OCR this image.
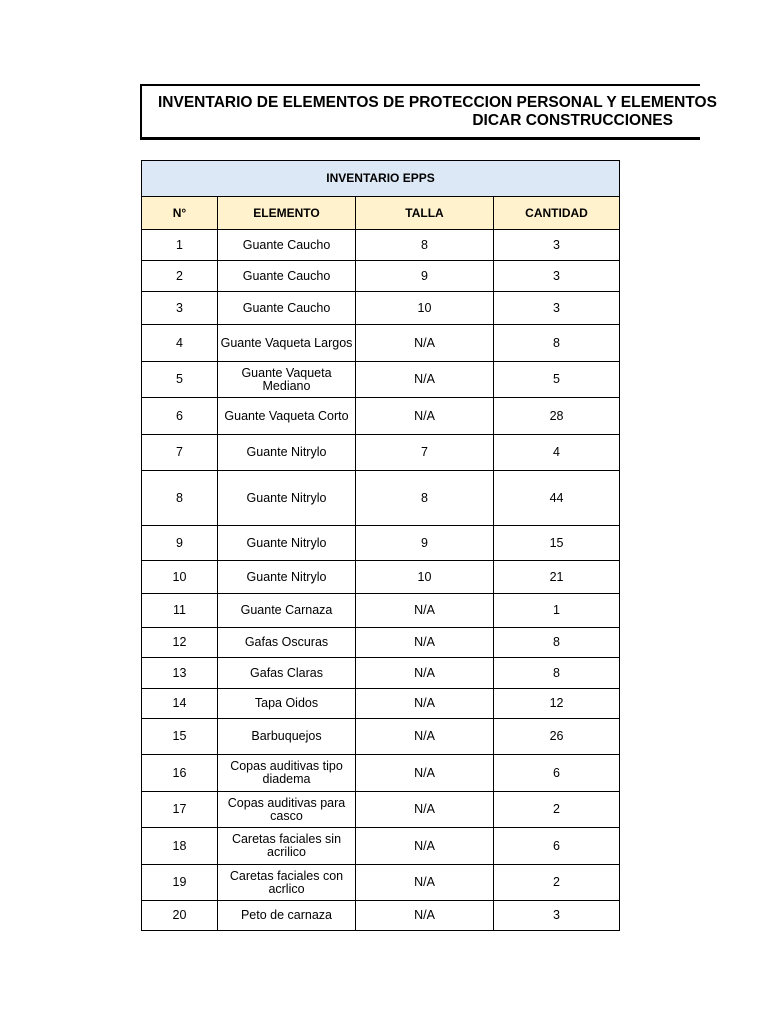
INVENTARIO DE ELEMENTOS DE PROTECCION PERSONAL Y ELEMENTOS
DICAR CONSTRUCCIONES
INVENTARIO EPPS			
N°	ELEMENTO	TALLA	CANTIDAD
1	Guante Caucho	8	3
2	Guante Caucho	9	3
3	Guante Caucho	10	3
4	Guante Vaqueta Largos	N/A	8
5	Guante Vaqueta Mediano	N/A	5
6	Guante Vaqueta Corto	N/A	28
7	Guante Nitrylo	7	4
8	Guante Nitrylo	8	44
9	Guante Nitrylo	9	15
10	Guante Nitrylo	10	21
11	Guante Carnaza	N/A	1
12	Gafas Oscuras	N/A	8
13	Gafas Claras	N/A	8
14	Tapa Oidos	N/A	12
15	Barbuquejos	N/A	26
16	Copas auditivas tipo diadema	N/A	6
17	Copas auditivas para casco	N/A	2
18	Caretas faciales sin acrilico	N/A	6
19	Caretas faciales con acrlico	N/A	2
20	Peto de carnaza	N/A	3
